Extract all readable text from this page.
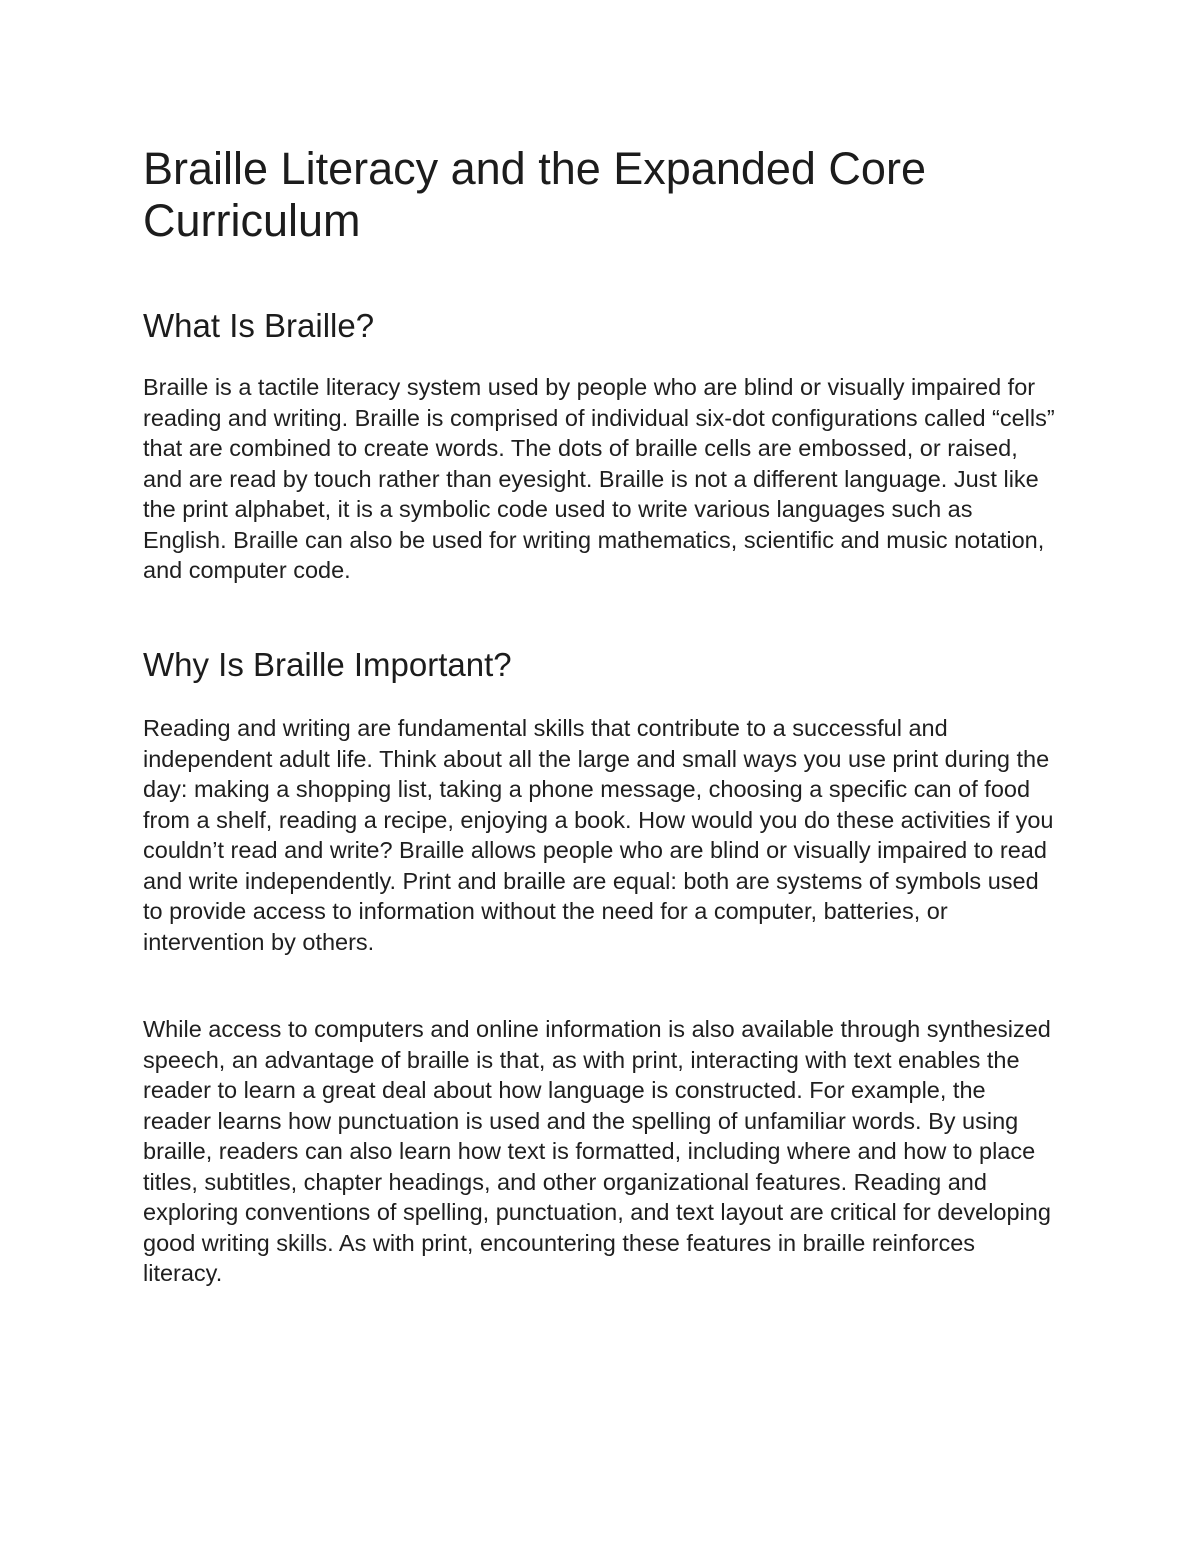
Braille Literacy and the Expanded Core Curriculum
What Is Braille?

Braille is a tactile literacy system used by people who are blind or visually impaired for reading and writing. Braille is comprised of individual six-dot configurations called “cells” that are combined to create words. The dots of braille cells are embossed, or raised, and are read by touch rather than eyesight. Braille is not a different language. Just like the print alphabet, it is a symbolic code used to write various languages such as English. Braille can also be used for writing mathematics, scientific and music notation, and computer code.

Why Is Braille Important?

Reading and writing are fundamental skills that contribute to a successful and independent adult life. Think about all the large and small ways you use print during the day: making a shopping list, taking a phone message, choosing a specific can of food from a shelf, reading a recipe, enjoying a book. How would you do these activities if you couldn’t read and write? Braille allows people who are blind or visually impaired to read and write independently. Print and braille are equal: both are systems of symbols used to provide access to information without the need for a computer, batteries, or intervention by others.

While access to computers and online information is also available through synthesized speech, an advantage of braille is that, as with print, interacting with text enables the reader to learn a great deal about how language is constructed. For example, the reader learns how punctuation is used and the spelling of unfamiliar words. By using braille, readers can also learn how text is formatted, including where and how to place titles, subtitles, chapter headings, and other organizational features. Reading and exploring conventions of spelling, punctuation, and text layout are critical for developing good writing skills. As with print, encountering these features in braille reinforces literacy.
